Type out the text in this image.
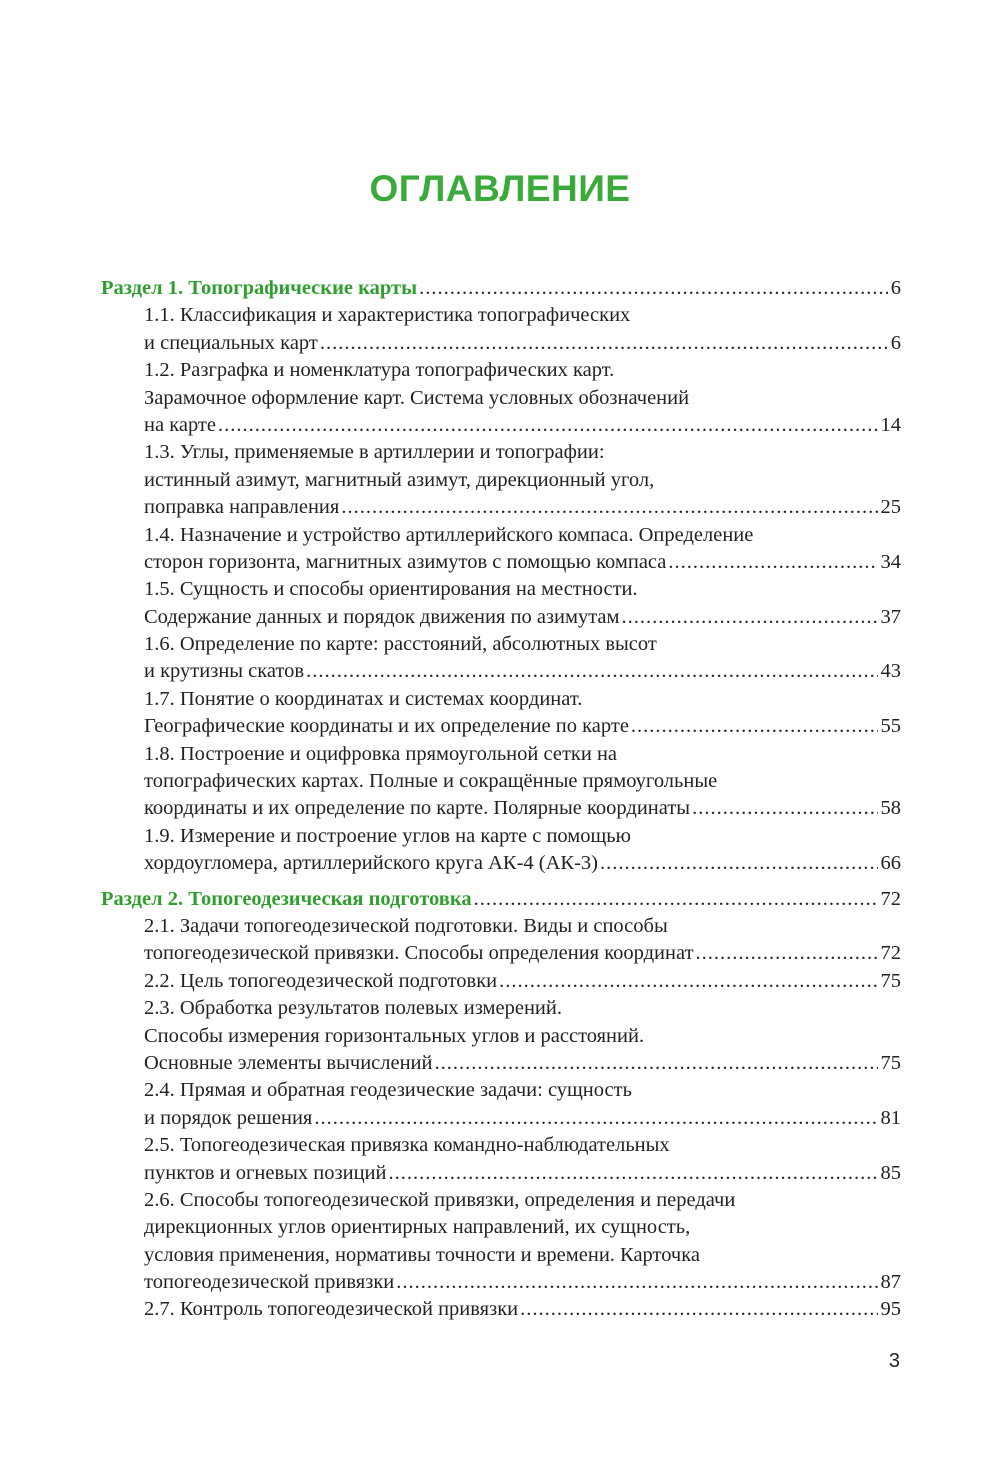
ОГЛАВЛЕНИЕ
Раздел 1. Топографические карты .....	6
1.1. Классификация и характеристика топографических
и специальных карт .....	6
1.2. Разграфка и номенклатура топографических карт.
Зарамочное оформление карт. Система условных обозначений
на карте .....	14
1.3. Углы, применяемые в артиллерии и топографии:
истинный азимут, магнитный азимут, дирекционный угол,
поправка направления .....	25
1.4. Назначение и устройство артиллерийского компаса. Определение
сторон горизонта, магнитных азимутов с помощью компаса .....	34
1.5. Сущность и способы ориентирования на местности.
Содержание данных и порядок движения по азимутам .....	37
1.6. Определение по карте: расстояний, абсолютных высот
и крутизны скатов .....	43
1.7. Понятие о координатах и системах координат.
Географические координаты и их определение по карте .....	55
1.8. Построение и оцифровка прямоугольной сетки на
топографических картах. Полные и сокращённые прямоугольные
координаты и их определение по карте. Полярные координаты .....	58
1.9. Измерение и построение углов на карте с помощью
хордоугломера, артиллерийского круга АК-4 (АК-3) .....	66
Раздел 2. Топогеодезическая подготовка .....	72
2.1. Задачи топогеодезической подготовки. Виды и способы
топогеодезической привязки. Способы определения координат .....	72
2.2. Цель топогеодезической подготовки .....	75
2.3. Обработка результатов полевых измерений.
Способы измерения горизонтальных углов и расстояний.
Основные элементы вычислений .....	75
2.4. Прямая и обратная геодезические задачи: сущность
и порядок решения .....	81
2.5. Топогеодезическая привязка командно-наблюдательных
пунктов и огневых позиций .....	85
2.6. Способы топогеодезической привязки, определения и передачи
дирекционных углов ориентирных направлений, их сущность,
условия применения, нормативы точности и времени. Карточка
топогеодезической привязки .....	87
2.7. Контроль топогеодезической привязки .....	95
3
